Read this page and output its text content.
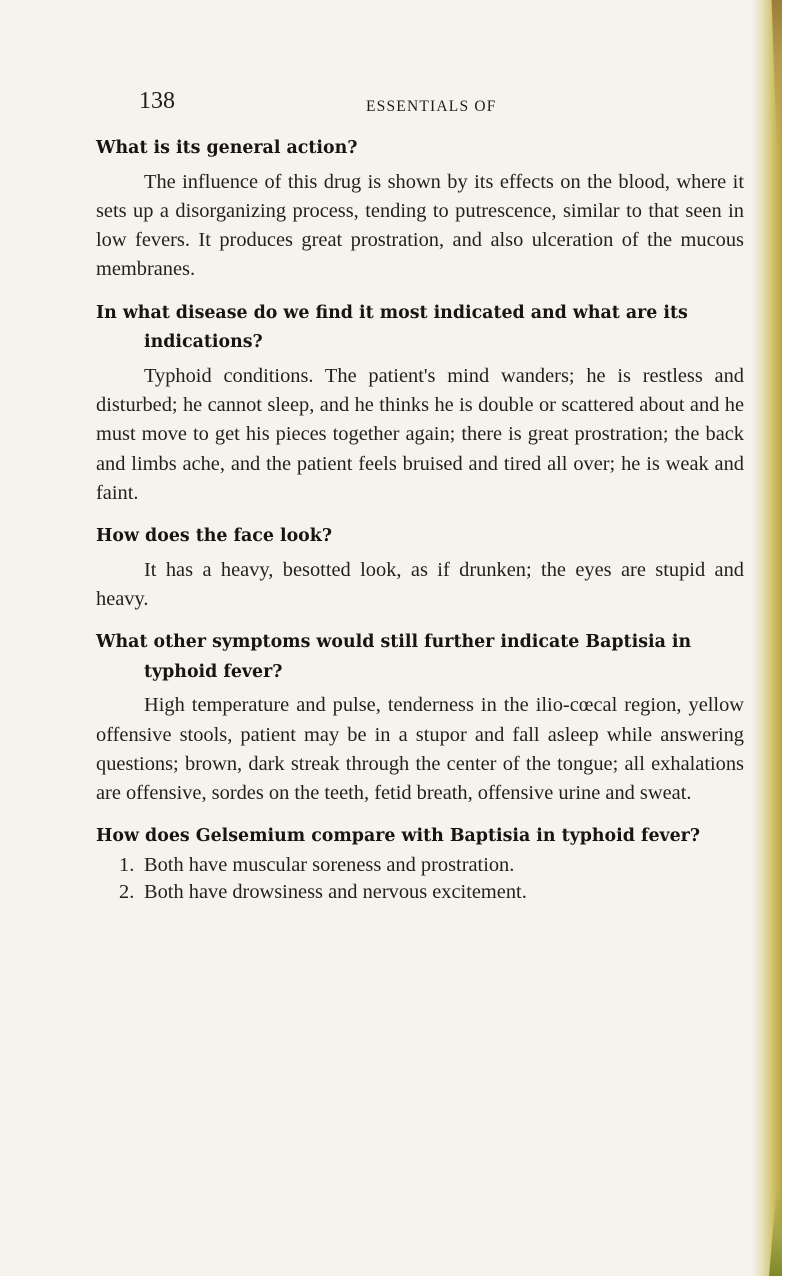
138	ESSENTIALS OF

What is its general action?

The influence of this drug is shown by its effects on the blood, where it sets up a disorganizing process, tending to putrescence, similar to that seen in low fevers. It produces great prostration, and also ulceration of the mucous membranes.

In what disease do we find it most indicated and what are its indications?

Typhoid conditions. The patient's mind wanders; he is restless and disturbed; he cannot sleep, and he thinks he is double or scattered about and he must move to get his pieces together again; there is great prostration; the back and limbs ache, and the patient feels bruised and tired all over; he is weak and faint.

How does the face look?

It has a heavy, besotted look, as if drunken; the eyes are stupid and heavy.

What other symptoms would still further indicate Baptisia in typhoid fever?

High temperature and pulse, tenderness in the ilio-cœcal region, yellow offensive stools, patient may be in a stupor and fall asleep while answering questions; brown, dark streak through the center of the tongue; all exhalations are offensive, sordes on the teeth, fetid breath, offensive urine and sweat.

How does Gelsemium compare with Baptisia in typhoid fever?

1. Both have muscular soreness and prostration.
2. Both have drowsiness and nervous excitement.
